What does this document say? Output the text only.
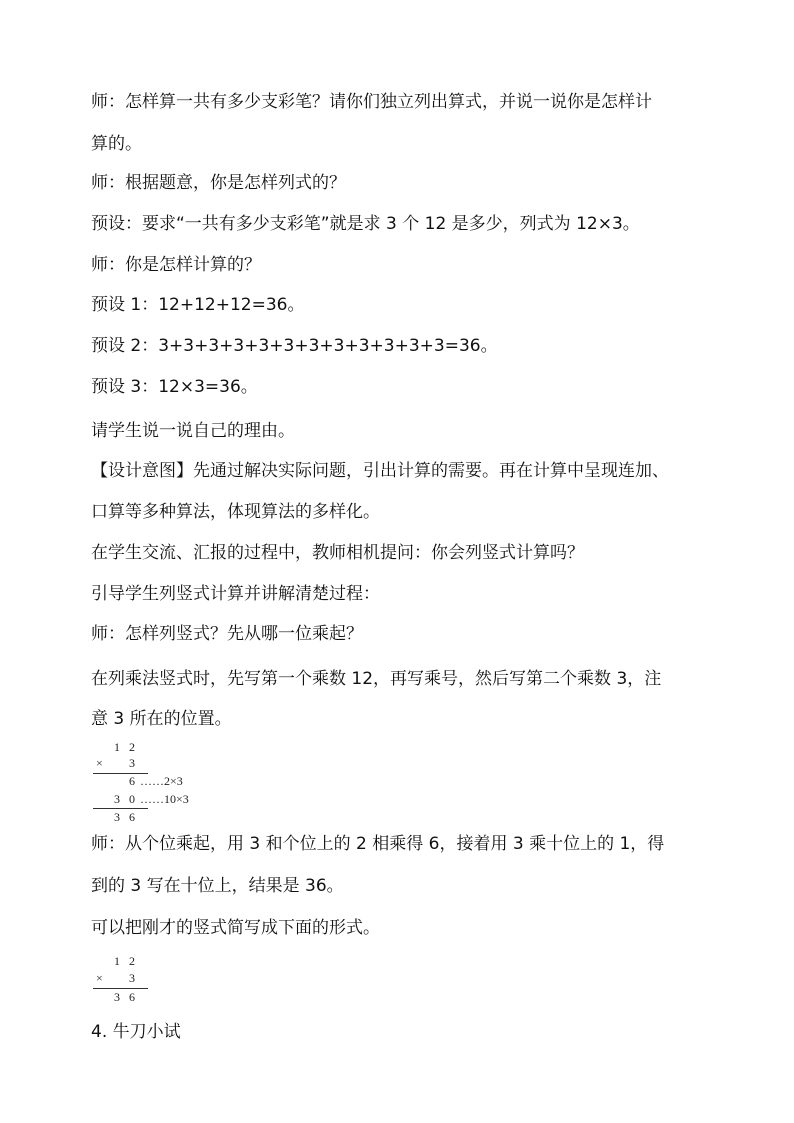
师：怎样算一共有多少支彩笔？请你们独立列出算式，并说一说你是怎样计
算的。
师：根据题意，你是怎样列式的？
预设：要求“一共有多少支彩笔”就是求 3 个 12 是多少，列式为 12×3。
师：你是怎样计算的？
预设 1：12+12+12=36。
预设 2：3+3+3+3+3+3+3+3+3+3+3+3=36。
预设 3：12×3=36。
请学生说一说自己的理由。
【设计意图】先通过解决实际问题，引出计算的需要。再在计算中呈现连加、
口算等多种算法，体现算法的多样化。
在学生交流、汇报的过程中，教师相机提问：你会列竖式计算吗？
引导学生列竖式计算并讲解清楚过程：
师：怎样列竖式？先从哪一位乘起？
在列乘法竖式时，先写第一个乘数 12，再写乘号，然后写第二个乘数 3，注
意 3 所在的位置。
1 2
× 3
6 ……2×3
3 0 ……10×3
3 6
师：从个位乘起，用 3 和个位上的 2 相乘得 6，接着用 3 乘十位上的 1，得
到的 3 写在十位上，结果是 36。
可以把刚才的竖式简写成下面的形式。
1 2
× 3
3 6
4. 牛刀小试
